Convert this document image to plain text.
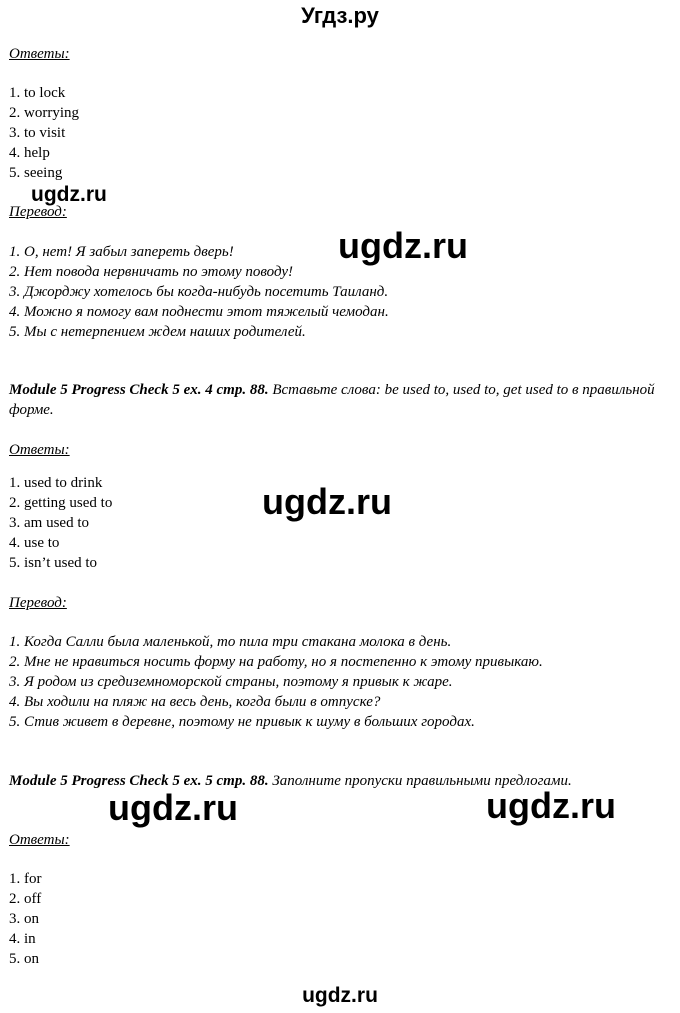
Угдз.ру
Ответы:
1. to lock
2. worrying
3. to visit
4. help
5. seeing
ugdz.ru
Перевод:
ugdz.ru
1. О, нет! Я забыл запереть дверь!
2. Нет повода нервничать по этому поводу!
3. Джорджу хотелось бы когда-нибудь посетить Таиланд.
4. Можно я помогу вам поднести этот тяжелый чемодан.
5. Мы с нетерпением ждем наших родителей.
Module 5 Progress Check 5 ex. 4 стр. 88. Вставьте слова: be used to, used to, get used to в правильной форме.
Ответы:
1. used to drink
2. getting used to
3. am used to
4. use to
5. isn’t used to
ugdz.ru
Перевод:
1. Когда Салли была маленькой, то пила три стакана молока в день.
2. Мне не нравиться носить форму на работу, но я постепенно к этому привыкаю.
3. Я родом из средиземноморской страны, поэтому я привык к жаре.
4. Вы ходили на пляж на весь день, когда были в отпуске?
5. Стив живет в деревне, поэтому не привык к шуму в больших городах.
Module 5 Progress Check 5 ex. 5 стр. 88. Заполните пропуски правильными предлогами.
ugdz.ru	ugdz.ru
Ответы:
1. for
2. off
3. on
4. in
5. on
ugdz.ru
